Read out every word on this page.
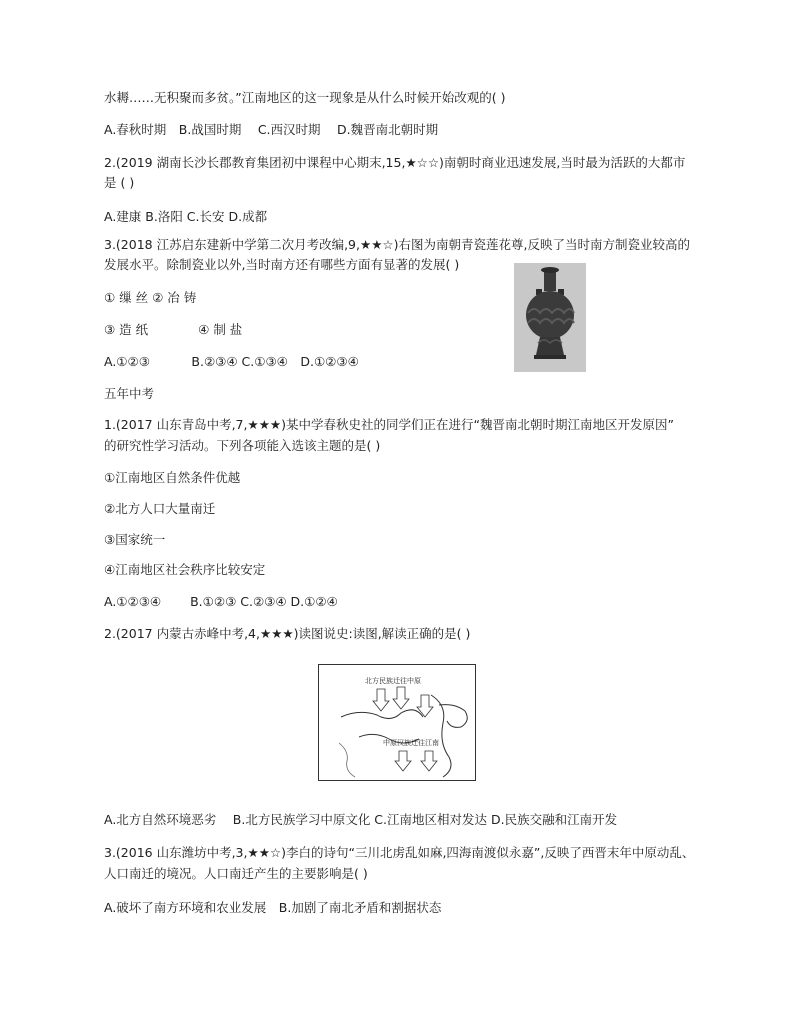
水耨……无积聚而多贫。”江南地区的这一现象是从什么时候开始改观的( )
A.春秋时期　B.战国时期　 C.西汉时期　 D.魏晋南北朝时期
2.(2019 湖南长沙长郡教育集团初中课程中心期末,15,★☆☆)南朝时商业迅速发展,当时最为活跃的大都市
是 ( )
A.建康 B.洛阳 C.长安 D.成都
3.(2018 江苏启东建新中学第二次月考改编,9,★★☆)右图为南朝青瓷莲花尊,反映了当时南方制瓷业较高的
发展水平。除制瓷业以外,当时南方还有哪些方面有显著的发展( )
① 缫 丝 ② 冶 铸
③ 造 纸　　　　④ 制 盐
A.①②③　　　 B.②③④ C.①③④　D.①②③④
五年中考
1.(2017 山东青岛中考,7,★★★)某中学春秋史社的同学们正在进行“魏晋南北朝时期江南地区开发原因”
的研究性学习活动。下列各项能入选该主题的是( )
①江南地区自然条件优越
②北方人口大量南迁
③国家统一
④江南地区社会秩序比较安定
A.①②③④　　 B.①②③ C.②③④ D.①②④
2.(2017 内蒙古赤峰中考,4,★★★)读图说史:读图,解读正确的是( )
A.北方自然环境恶劣　 B.北方民族学习中原文化 C.江南地区相对发达 D.民族交融和江南开发
3.(2016 山东潍坊中考,3,★★☆)李白的诗句“三川北虏乱如麻,四海南渡似永嘉”,反映了西晋末年中原动乱、
人口南迁的境况。人口南迁产生的主要影响是( )
A.破坏了南方环境和农业发展　B.加剧了南北矛盾和割据状态
北方民族迁往中原
中原汉族迁往江南
